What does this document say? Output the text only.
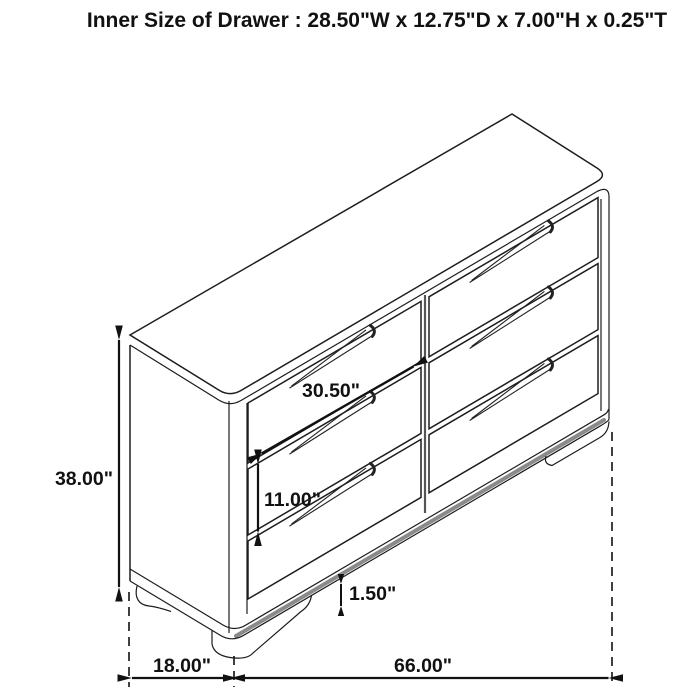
Inner Size of Drawer : 28.50"W x 12.75"D x 7.00"H x 0.25"T
38.00"
30.50"
11.00"
1.50"
18.00"	66.00"
